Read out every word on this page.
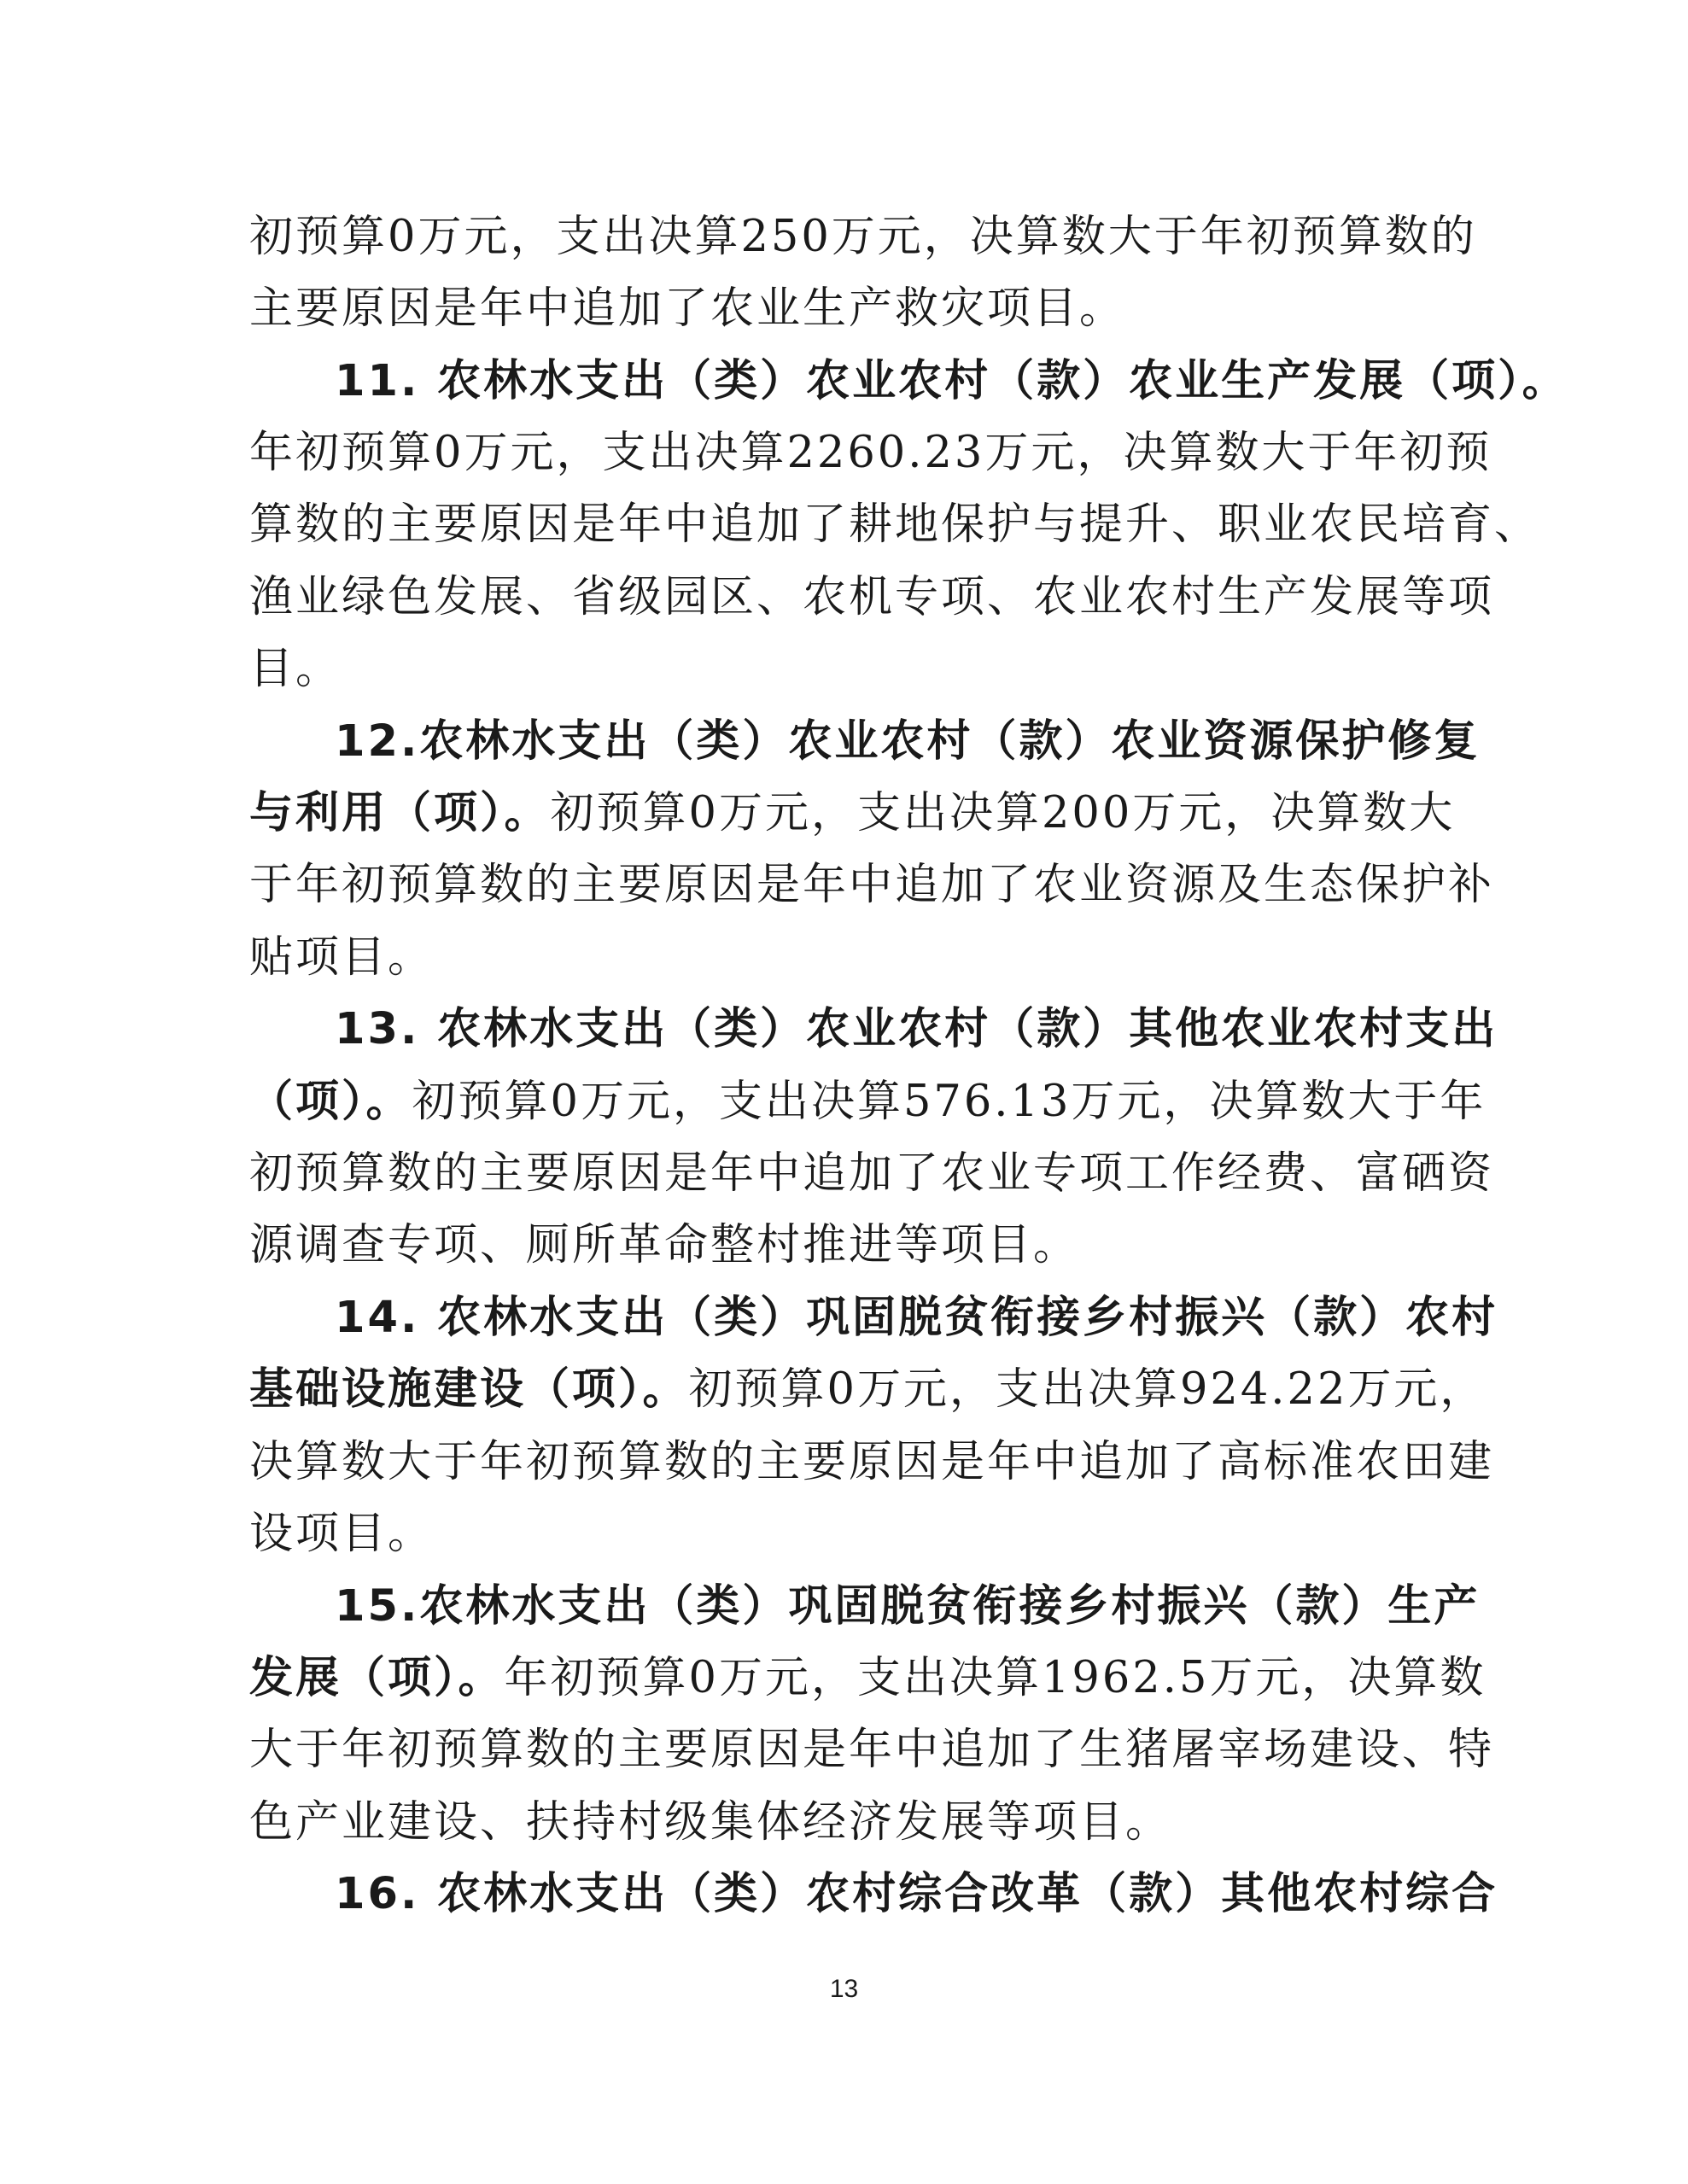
初预算0万元，支出决算250万元，决算数大于年初预算数的
主要原因是年中追加了农业生产救灾项目。
11. 农林水支出（类）农业农村（款）农业生产发展（项）。
年初预算0万元，支出决算2260.23万元，决算数大于年初预
算数的主要原因是年中追加了耕地保护与提升、职业农民培育、
渔业绿色发展、省级园区、农机专项、农业农村生产发展等项
目。
12.农林水支出（类）农业农村（款）农业资源保护修复
与利用（项）。初预算0万元，支出决算200万元，决算数大
于年初预算数的主要原因是年中追加了农业资源及生态保护补
贴项目。
13. 农林水支出（类）农业农村（款）其他农业农村支出
（项）。初预算0万元，支出决算576.13万元，决算数大于年
初预算数的主要原因是年中追加了农业专项工作经费、富硒资
源调查专项、厕所革命整村推进等项目。
14. 农林水支出（类）巩固脱贫衔接乡村振兴（款）农村
基础设施建设（项）。初预算0万元，支出决算924.22万元，
决算数大于年初预算数的主要原因是年中追加了高标准农田建
设项目。
15.农林水支出（类）巩固脱贫衔接乡村振兴（款）生产
发展（项）。年初预算0万元，支出决算1962.5万元，决算数
大于年初预算数的主要原因是年中追加了生猪屠宰场建设、特
色产业建设、扶持村级集体经济发展等项目。
16. 农林水支出（类）农村综合改革（款）其他农村综合
13
